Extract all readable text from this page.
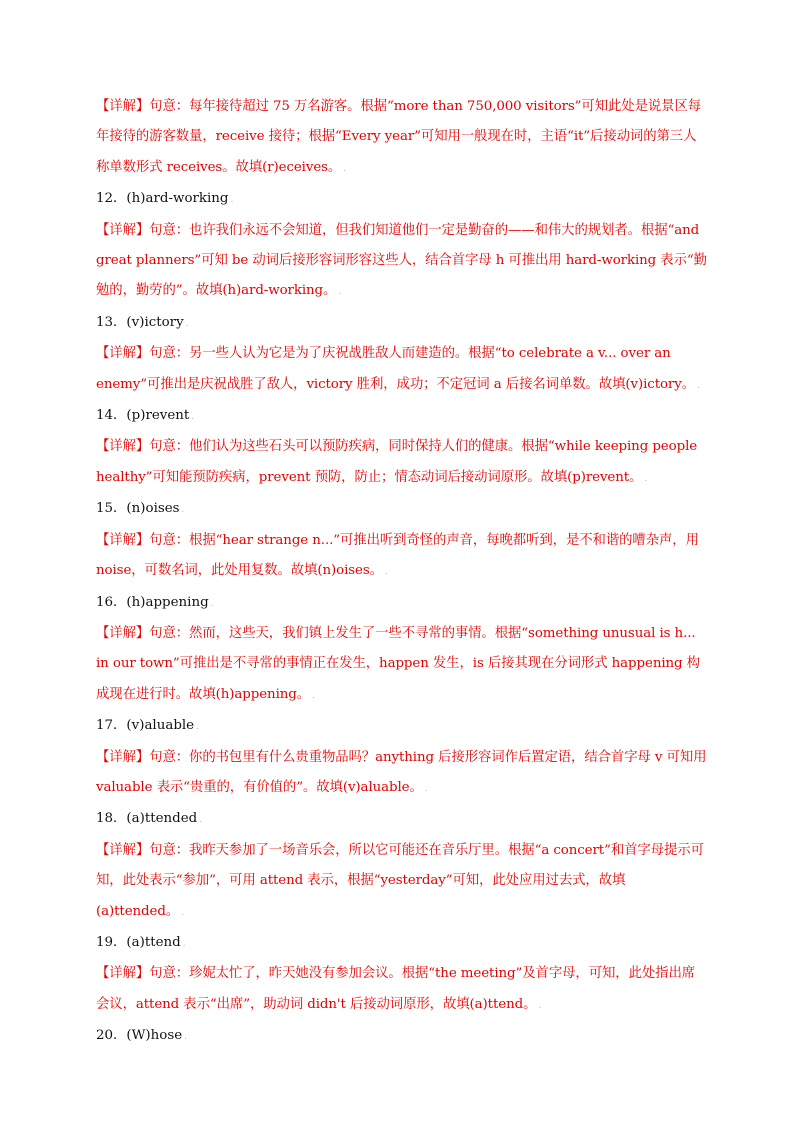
【详解】句意：每年接待超过 75 万名游客。根据“more than 750,000 visitors”可知此处是说景区每年接待的游客数量，receive 接待；根据“Every year”可知用一般现在时，主语“it”后接动词的第三人称单数形式 receives。故填(r)eceives。 .

12．(h)ard-working .

【详解】句意：也许我们永远不会知道，但我们知道他们一定是勤奋的——和伟大的规划者。根据“and great planners”可知 be 动词后接形容词形容这些人，结合首字母 h 可推出用 hard-working 表示“勤勉的，勤劳的”。故填(h)ard-working。 .

13．(v)ictory .

【详解】句意：另一些人认为它是为了庆祝战胜敌人而建造的。根据“to celebrate a v... over an enemy”可推出是庆祝战胜了敌人，victory 胜利，成功；不定冠词 a 后接名词单数。故填(v)ictory。 .

14．(p)revent .

【详解】句意：他们认为这些石头可以预防疾病，同时保持人们的健康。根据“while keeping people healthy”可知能预防疾病，prevent 预防，防止；情态动词后接动词原形。故填(p)revent。 .

15．(n)oises .

【详解】句意：根据“hear strange n...”可推出听到奇怪的声音，每晚都听到，是不和谐的嘈杂声，用 noise，可数名词，此处用复数。故填(n)oises。 .

16．(h)appening .

【详解】句意：然而，这些天，我们镇上发生了一些不寻常的事情。根据“something unusual is h... in our town”可推出是不寻常的事情正在发生，happen 发生，is 后接其现在分词形式 happening 构成现在进行时。故填(h)appening。 .

17．(v)aluable .

【详解】句意：你的书包里有什么贵重物品吗？anything 后接形容词作后置定语，结合首字母 v 可知用 valuable 表示“贵重的，有价值的”。故填(v)aluable。 .

18．(a)ttended .

【详解】句意：我昨天参加了一场音乐会，所以它可能还在音乐厅里。根据“a concert”和首字母提示可知，此处表示“参加”，可用 attend 表示，根据“yesterday”可知，此处应用过去式，故填(a)ttended。 .

19．(a)ttend .

【详解】句意：珍妮太忙了，昨天她没有参加会议。根据“the meeting”及首字母，可知，此处指出席会议，attend 表示“出席”，助动词 didn't 后接动词原形，故填(a)ttend。 .

20．(W)hose .
